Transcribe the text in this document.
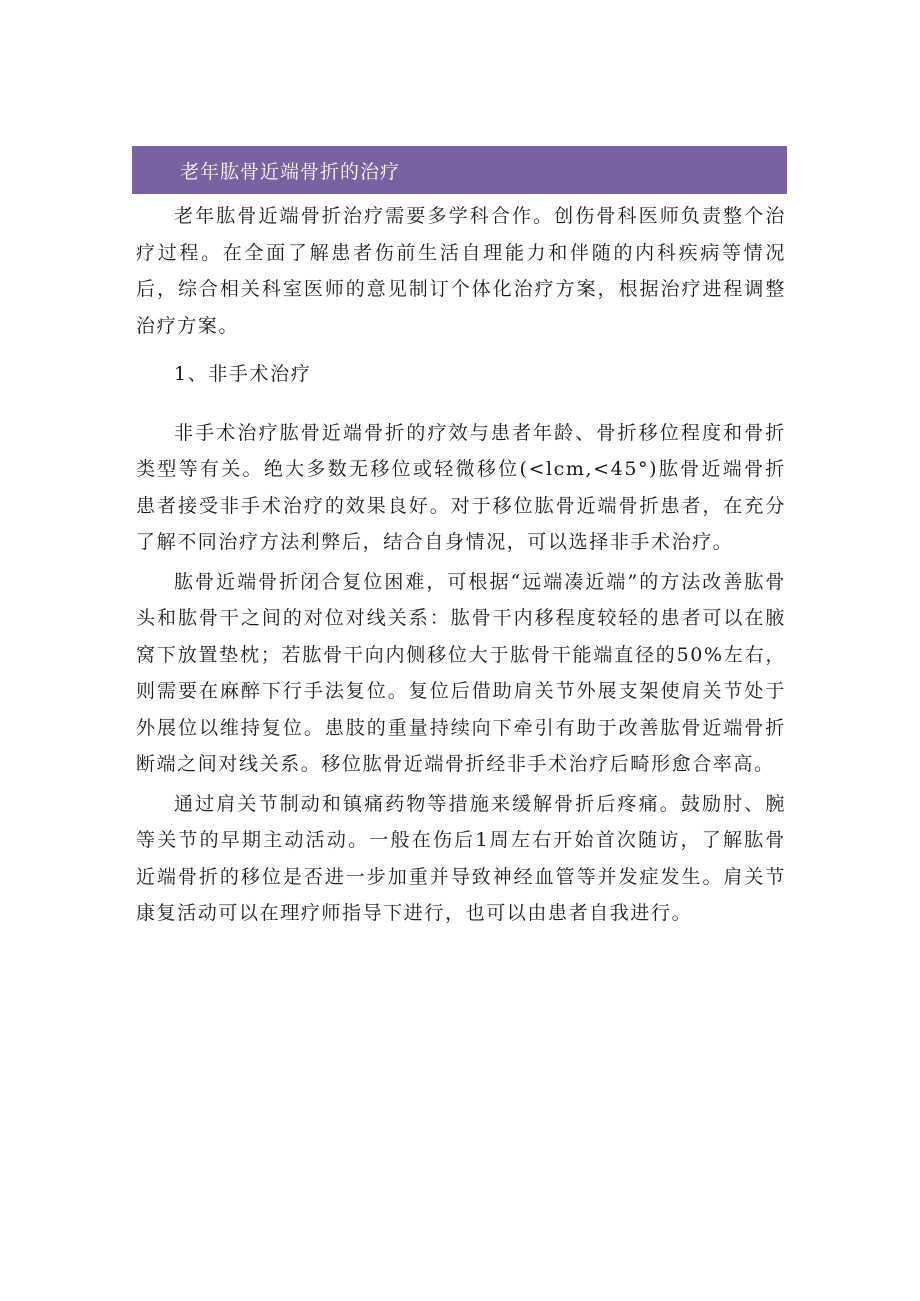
老年肱骨近端骨折的治疗

老年肱骨近端骨折治疗需要多学科合作。创伤骨科医师负责整个治疗过程。在全面了解患者伤前生活自理能力和伴随的内科疾病等情况后，综合相关科室医师的意见制订个体化治疗方案，根据治疗进程调整治疗方案。

1、非手术治疗

非手术治疗肱骨近端骨折的疗效与患者年龄、骨折移位程度和骨折类型等有关。绝大多数无移位或轻微移位(<lcm,<45°)肱骨近端骨折患者接受非手术治疗的效果良好。对于移位肱骨近端骨折患者，在充分了解不同治疗方法利弊后，结合自身情况，可以选择非手术治疗。

肱骨近端骨折闭合复位困难，可根据“远端凑近端”的方法改善肱骨头和肱骨干之间的对位对线关系：肱骨干内移程度较轻的患者可以在腋窝下放置垫枕；若肱骨干向内侧移位大于肱骨干能端直径的50%左右，则需要在麻醉下行手法复位。复位后借助肩关节外展支架使肩关节处于外展位以维持复位。患肢的重量持续向下牵引有助于改善肱骨近端骨折断端之间对线关系。移位肱骨近端骨折经非手术治疗后畸形愈合率高。

通过肩关节制动和镇痛药物等措施来缓解骨折后疼痛。鼓励肘、腕等关节的早期主动活动。一般在伤后1周左右开始首次随访，了解肱骨近端骨折的移位是否进一步加重并导致神经血管等并发症发生。肩关节康复活动可以在理疗师指导下进行，也可以由患者自我进行。
